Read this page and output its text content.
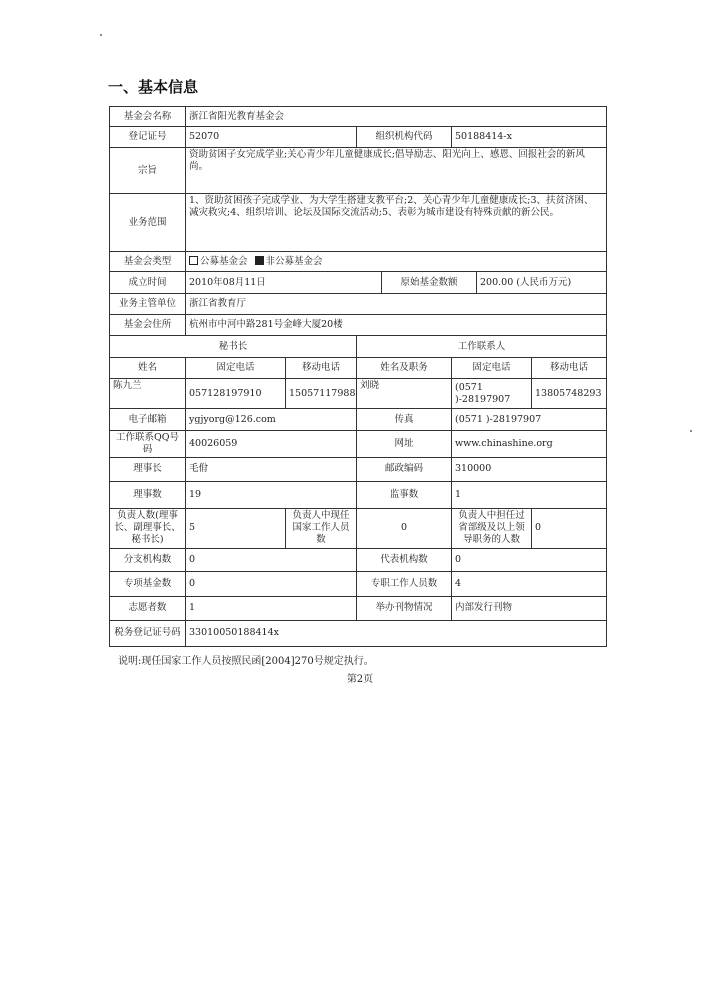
一、基本信息
基金会名称	浙江省阳光教育基金会						
登记证号	52070		组织机构代码		50188414-x		
宗旨	资助贫困子女完成学业;关心青少年儿童健康成长;倡导励志、阳光向上、感恩、回报社会的新风尚。						
业务范围	1、资助贫困孩子完成学业、为大学生搭建支教平台;2、关心青少年儿童健康成长;3、扶贫济困、减灾救灾;4、组织培训、论坛及国际交流活动;5、表彰为城市建设有特殊贡献的新公民。						
基金会类型	公募基金会 非公募基金会						
成立时间	2010年08月11日			原始基金数额		200.00 (人民币万元)	
业务主管单位	浙江省教育厅						
基金会住所	杭州市中河中路281号金峰大厦20楼						
秘书长			工作联系人				
姓名	固定电话	移动电话	姓名及职务		固定电话		移动电话
陈九兰	057128197910	15057117988	刘晓		(0571 )-28197907		13805748293
电子邮箱	ygjyorg@126.com		传真		(0571 )-28197907		
工作联系QQ号码	40026059		网址		www.chinashine.org		
理事长	毛佾		邮政编码		310000		
理事数	19		监事数		1		
负责人数(理事长、副理事长、秘书长)	5	负责人中现任国家工作人员数	0		负责人中担任过省部级及以上领导职务的人数		0
分支机构数	0		代表机构数		0		
专项基金数	0		专职工作人员数		4		
志愿者数	1		举办刊物情况		内部发行刊物		
税务登记证号码	33010050188414x						
说明:现任国家工作人员按照民函[2004]270号规定执行。
第2页
